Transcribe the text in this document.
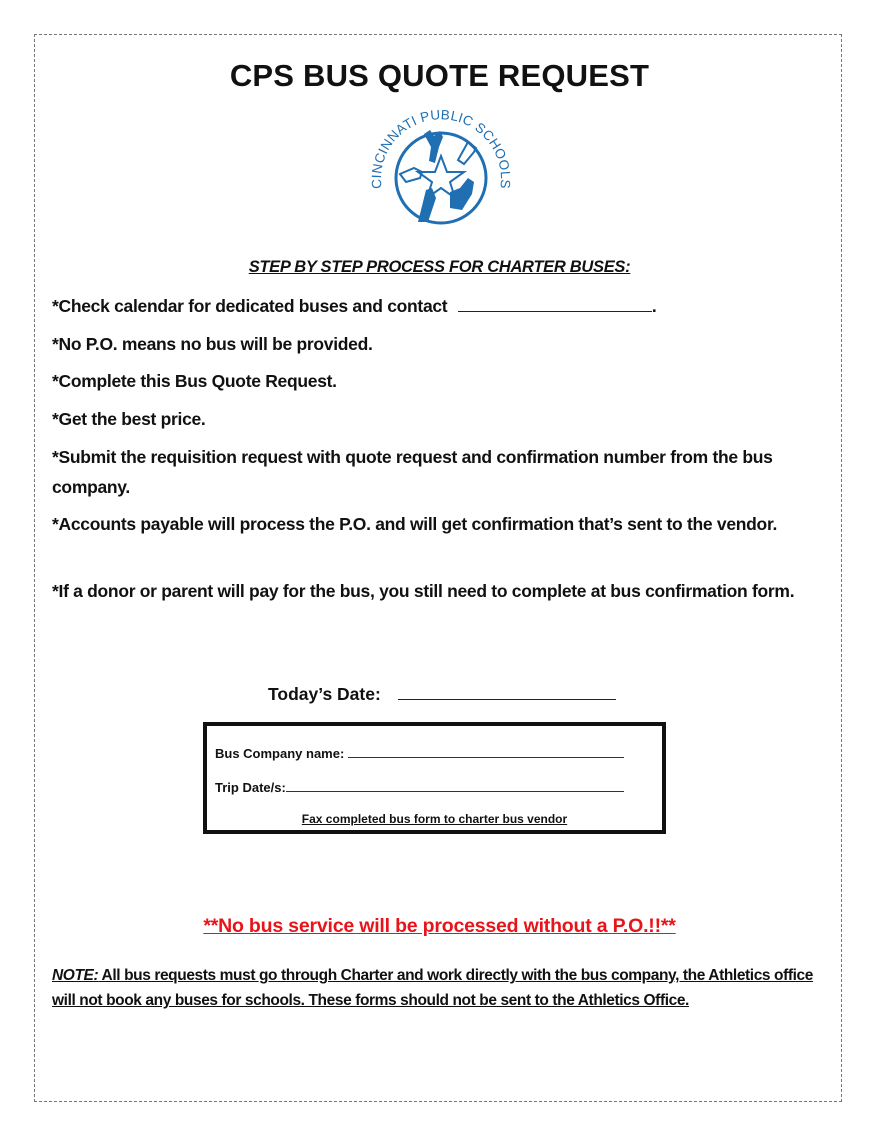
CPS BUS QUOTE REQUEST
CINCINNATI PUBLIC SCHOOLS
STEP BY STEP PROCESS FOR CHARTER BUSES:
*Check calendar for dedicated buses and contact	.
*No P.O. means no bus will be provided.
*Complete this Bus Quote Request.
*Get the best price.
*Submit the requisition request with quote request and confirmation number from the bus company.
*Accounts payable will process the P.O. and will get confirmation that’s sent to the vendor.
*If a donor or parent will pay for the bus, you still need to complete at bus confirmation form.
Today’s Date:
Bus Company name:
Trip Date/s:
Fax completed bus form to charter bus vendor
**No bus service will be processed without a P.O.!!**
NOTE: All bus requests must go through Charter and work directly with the bus company, the Athletics office will not book any buses for schools. These forms should not be sent to the Athletics Office.
